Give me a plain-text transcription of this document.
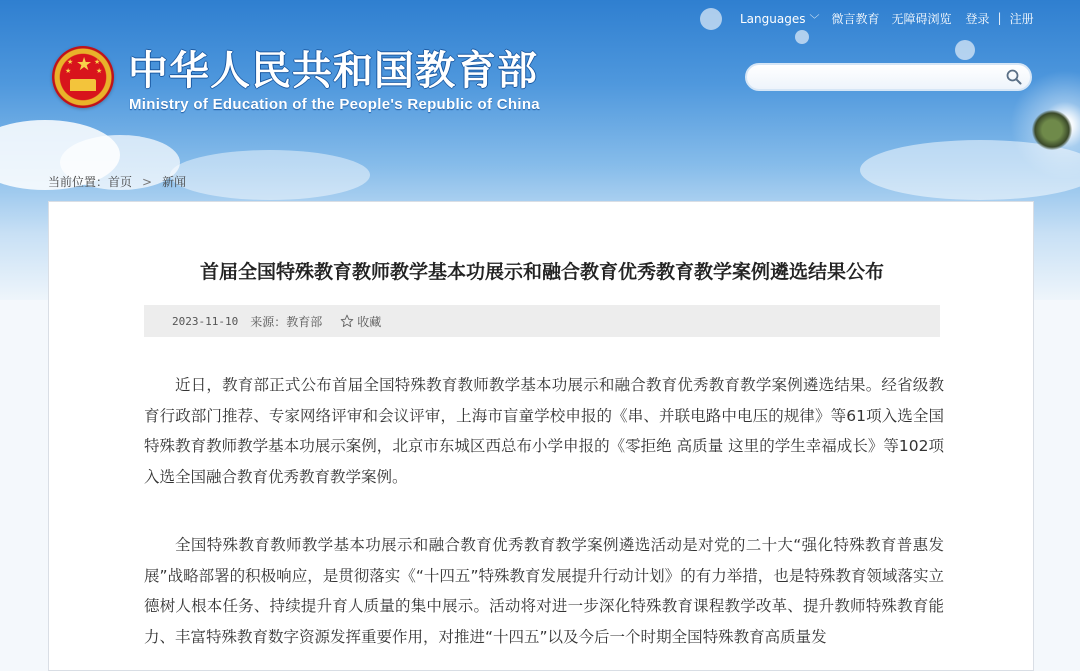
★
★
★
★
★ 中华人民共和国教育部
Ministry of Education of the People's Republic of China
Languages ﹀ 微言教育 无障碍浏览 登录 | 注册
当前位置： 首页 > 新闻
首届全国特殊教育教师教学基本功展示和融合教育优秀教育教学案例遴选结果公布
2023-11-10 来源：教育部	收藏

近日，教育部正式公布首届全国特殊教育教师教学基本功展示和融合教育优秀教育教学案例遴选结果。经省级教育行政部门推荐、专家网络评审和会议评审，上海市盲童学校申报的《串、并联电路中电压的规律》等61项入选全国特殊教育教师教学基本功展示案例，北京市东城区西总布小学申报的《零拒绝 高质量 这里的学生幸福成长》等102项入选全国融合教育优秀教育教学案例。

全国特殊教育教师教学基本功展示和融合教育优秀教育教学案例遴选活动是对党的二十大“强化特殊教育普惠发展”战略部署的积极响应，是贯彻落实《“十四五”特殊教育发展提升行动计划》的有力举措，也是特殊教育领域落实立德树人根本任务、持续提升育人质量的集中展示。活动将对进一步深化特殊教育课程教学改革、提升教师特殊教育能力、丰富特殊教育数字资源发挥重要作用，对推进“十四五”以及今后一个时期全国特殊教育高质量发
